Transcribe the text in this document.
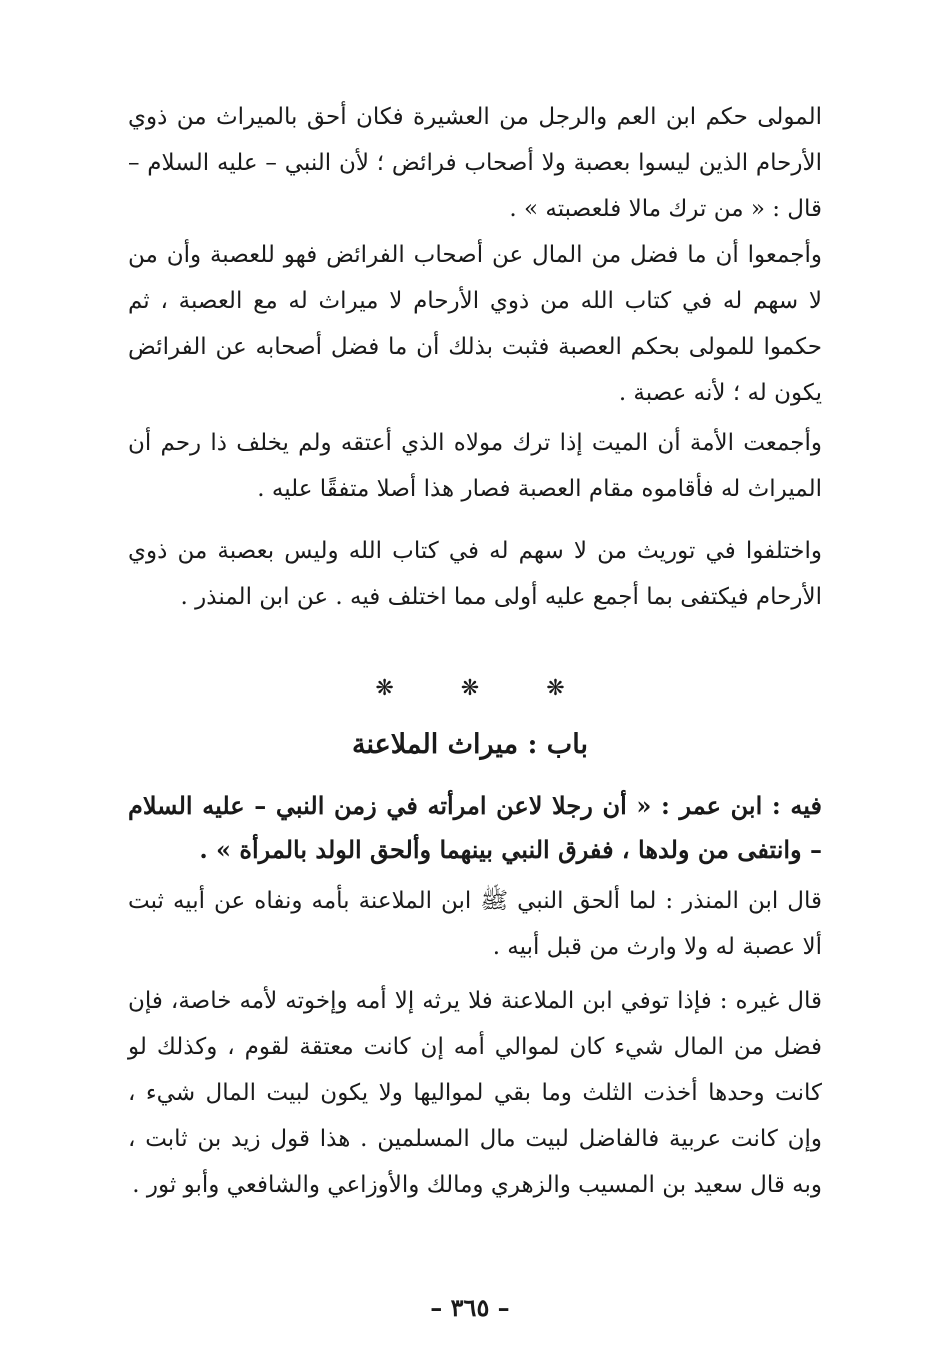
المولى حكم ابن العم والرجل من العشيرة فكان أحق بالميراث من ذوي الأرحام الذين ليسوا بعصبة ولا أصحاب فرائض ؛ لأن النبي – عليه السلام – قال : « من ترك مالا فلعصبته » .

وأجمعوا أن ما فضل من المال عن أصحاب الفرائض فهو للعصبة وأن من لا سهم له في كتاب الله من ذوي الأرحام لا ميراث له مع العصبة ، ثم حكموا للمولى بحكم العصبة فثبت بذلك أن ما فضل أصحابه عن الفرائض يكون له ؛ لأنه عصبة .

وأجمعت الأمة أن الميت إذا ترك مولاه الذي أعتقه ولم يخلف ذا رحم أن الميراث له فأقاموه مقام العصبة فصار هذا أصلا متفقًا عليه .

واختلفوا في توريث من لا سهم له في كتاب الله وليس بعصبة من ذوي الأرحام فيكتفى بما أجمع عليه أولى مما اختلف فيه . عن ابن المنذر .

❋ ❋ ❋
باب : ميراث الملاعنة

فيه : ابن عمر : « أن رجلا لاعن امرأته في زمن النبي – عليه السلام – وانتفى من ولدها ، ففرق النبي بينهما وألحق الولد بالمرأة » .

قال ابن المنذر : لما ألحق النبي ﷺ ابن الملاعنة بأمه ونفاه عن أبيه ثبت ألا عصبة له ولا وارث من قبل أبيه .

قال غيره : فإذا توفي ابن الملاعنة فلا يرثه إلا أمه وإخوته لأمه خاصة، فإن فضل من المال شيء كان لموالي أمه إن كانت معتقة لقوم ، وكذلك لو كانت وحدها أخذت الثلث وما بقي لمواليها ولا يكون لبيت المال شيء ، وإن كانت عربية فالفاضل لبيت مال المسلمين . هذا قول زيد بن ثابت ، وبه قال سعيد بن المسيب والزهري ومالك والأوزاعي والشافعي وأبو ثور .

– ٣٦٥ –
